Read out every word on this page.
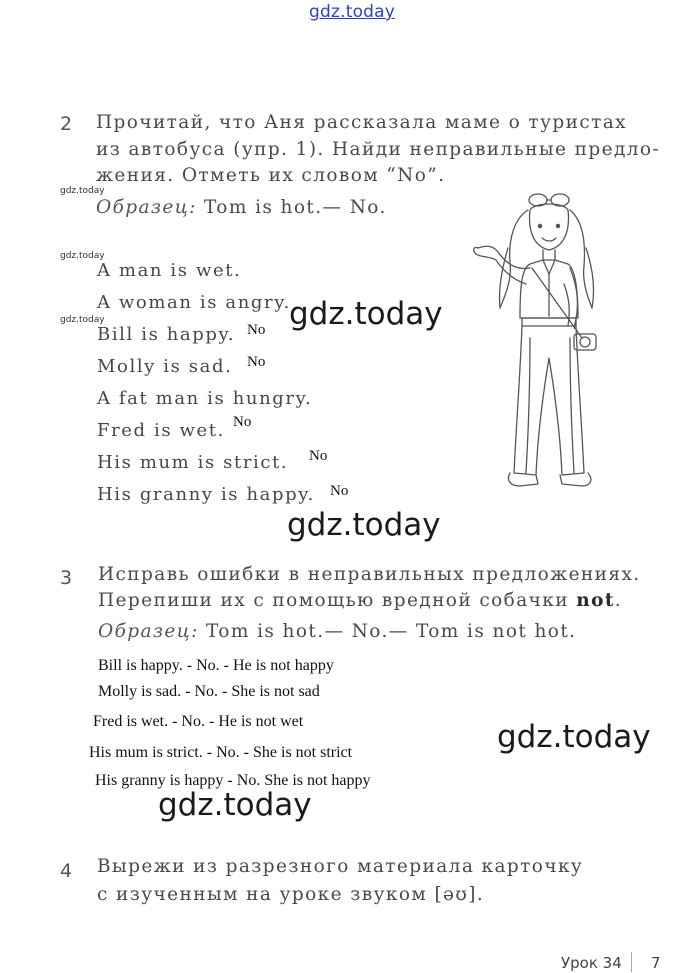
gdz.today
2 Прочитай, что Аня рассказала маме о туристах
из автобуса (упр. 1). Найди неправильные предло-
жения. Отметь их словом “No”.
gdz.today
Образец: Tom is hot.— No.
gdz.today
A man is wet.
A woman is angry.
gdz.today
Bill is happy.
Molly is sad.
A fat man is hungry.
Fred is wet.
His mum is strict.
His granny is happy.
No
No
No
No
No
gdz.today
gdz.today
3 Исправь ошибки в неправильных предложениях.
Перепиши их с помощью вредной собачки not.
Образец: Tom is hot.— No.— Tom is not hot.
Bill is happy. - No. - He is not happy
Molly is sad. - No. - She is not sad
Fred is wet. - No. - He is not wet
His mum is strict. - No. - She is not strict
His granny is happy - No. She is not happy
gdz.today
gdz.today
4 Вырежи из разрезного материала карточку
с изученным на уроке звуком [əʊ].
Урок 34 7
